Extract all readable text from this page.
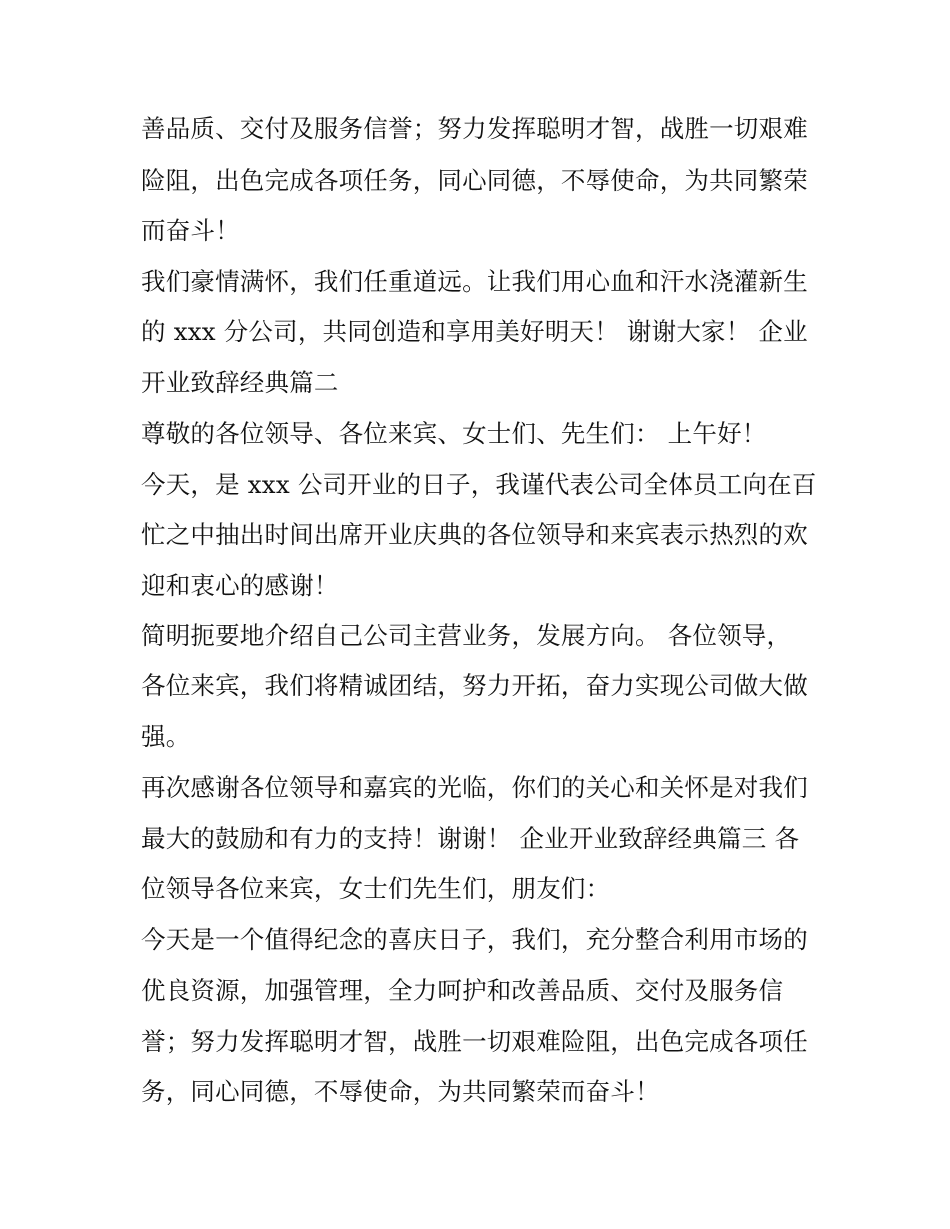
善品质、交付及服务信誉；努力发挥聪明才智，战胜一切艰难
险阻，出色完成各项任务，同心同德，不辱使命，为共同繁荣
而奋斗！
我们豪情满怀，我们任重道远。让我们用心血和汗水浇灌新生
的 xxx 分公司，共同创造和享用美好明天！ 谢谢大家！ 企业
开业致辞经典篇二
尊敬的各位领导、各位来宾、女士们、先生们： 上午好！
今天，是 xxx 公司开业的日子，我谨代表公司全体员工向在百
忙之中抽出时间出席开业庆典的各位领导和来宾表示热烈的欢
迎和衷心的感谢！
简明扼要地介绍自己公司主营业务，发展方向。 各位领导，
各位来宾，我们将精诚团结，努力开拓，奋力实现公司做大做
强。
再次感谢各位领导和嘉宾的光临，你们的关心和关怀是对我们
最大的鼓励和有力的支持！谢谢！ 企业开业致辞经典篇三 各
位领导各位来宾，女士们先生们，朋友们：
今天是一个值得纪念的喜庆日子，我们，充分整合利用市场的
优良资源，加强管理，全力呵护和改善品质、交付及服务信
誉；努力发挥聪明才智，战胜一切艰难险阻，出色完成各项任
务，同心同德，不辱使命，为共同繁荣而奋斗！
